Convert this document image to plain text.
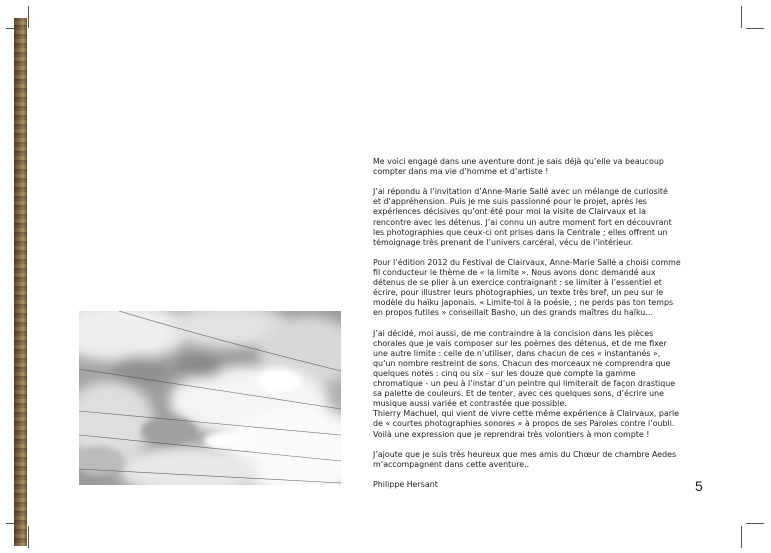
Me voici engagé dans une aventure dont je sais déjà qu’elle va beaucoup
compter dans ma vie d’homme et d’artiste !

J’ai répondu à l’invitation d’Anne-Marie Sallé avec un mélange de curiosité
et d’appréhension. Puis je me suis passionné pour le projet, après les
expériences décisives qu’ont été pour moi la visite de Clairvaux et la
rencontre avec les détenus. J’ai connu un autre moment fort en découvrant
les photographies que ceux-ci ont prises dans la Centrale ; elles offrent un
témoignage très prenant de l’univers carcéral, vécu de l’intérieur.

Pour l’édition 2012 du Festival de Clairvaux, Anne-Marie Sallé a choisi comme
fil conducteur le thème de « la limite ». Nous avons donc demandé aux
détenus de se plier à un exercice contraignant : se limiter à l’essentiel et
écrire, pour illustrer leurs photographies, un texte très bref, un peu sur le
modèle du haïku japonais. « Limite-toi à la poésie, ; ne perds pas ton temps
en propos futiles » conseillait Basho, un des grands maîtres du haïku…

J’ai décidé, moi aussi, de me contraindre à la concision dans les pièces
chorales que je vais composer sur les poèmes des détenus, et de me fixer
une autre limite : celle de n’utiliser, dans chacun de ces « instantanés »,
qu’un nombre restreint de sons. Chacun des morceaux ne comprendra que
quelques notes : cinq ou six - sur les douze que compte la gamme
chromatique - un peu à l’instar d’un peintre qui limiterait de façon drastique
sa palette de couleurs. Et de tenter, avec ces quelques sons, d’écrire une
musique aussi variée et contrastée que possible.
Thierry Machuel, qui vient de vivre cette même expérience à Clairvaux, parle
de « courtes photographies sonores » à propos de ses Paroles contre l’oubli.
Voilà une expression que je reprendrai très volontiers à mon compte !

J’ajoute que je suis très heureux que mes amis du Chœur de chambre Aedes
m’accompagnent dans cette aventure..

Philippe Hersant	5
